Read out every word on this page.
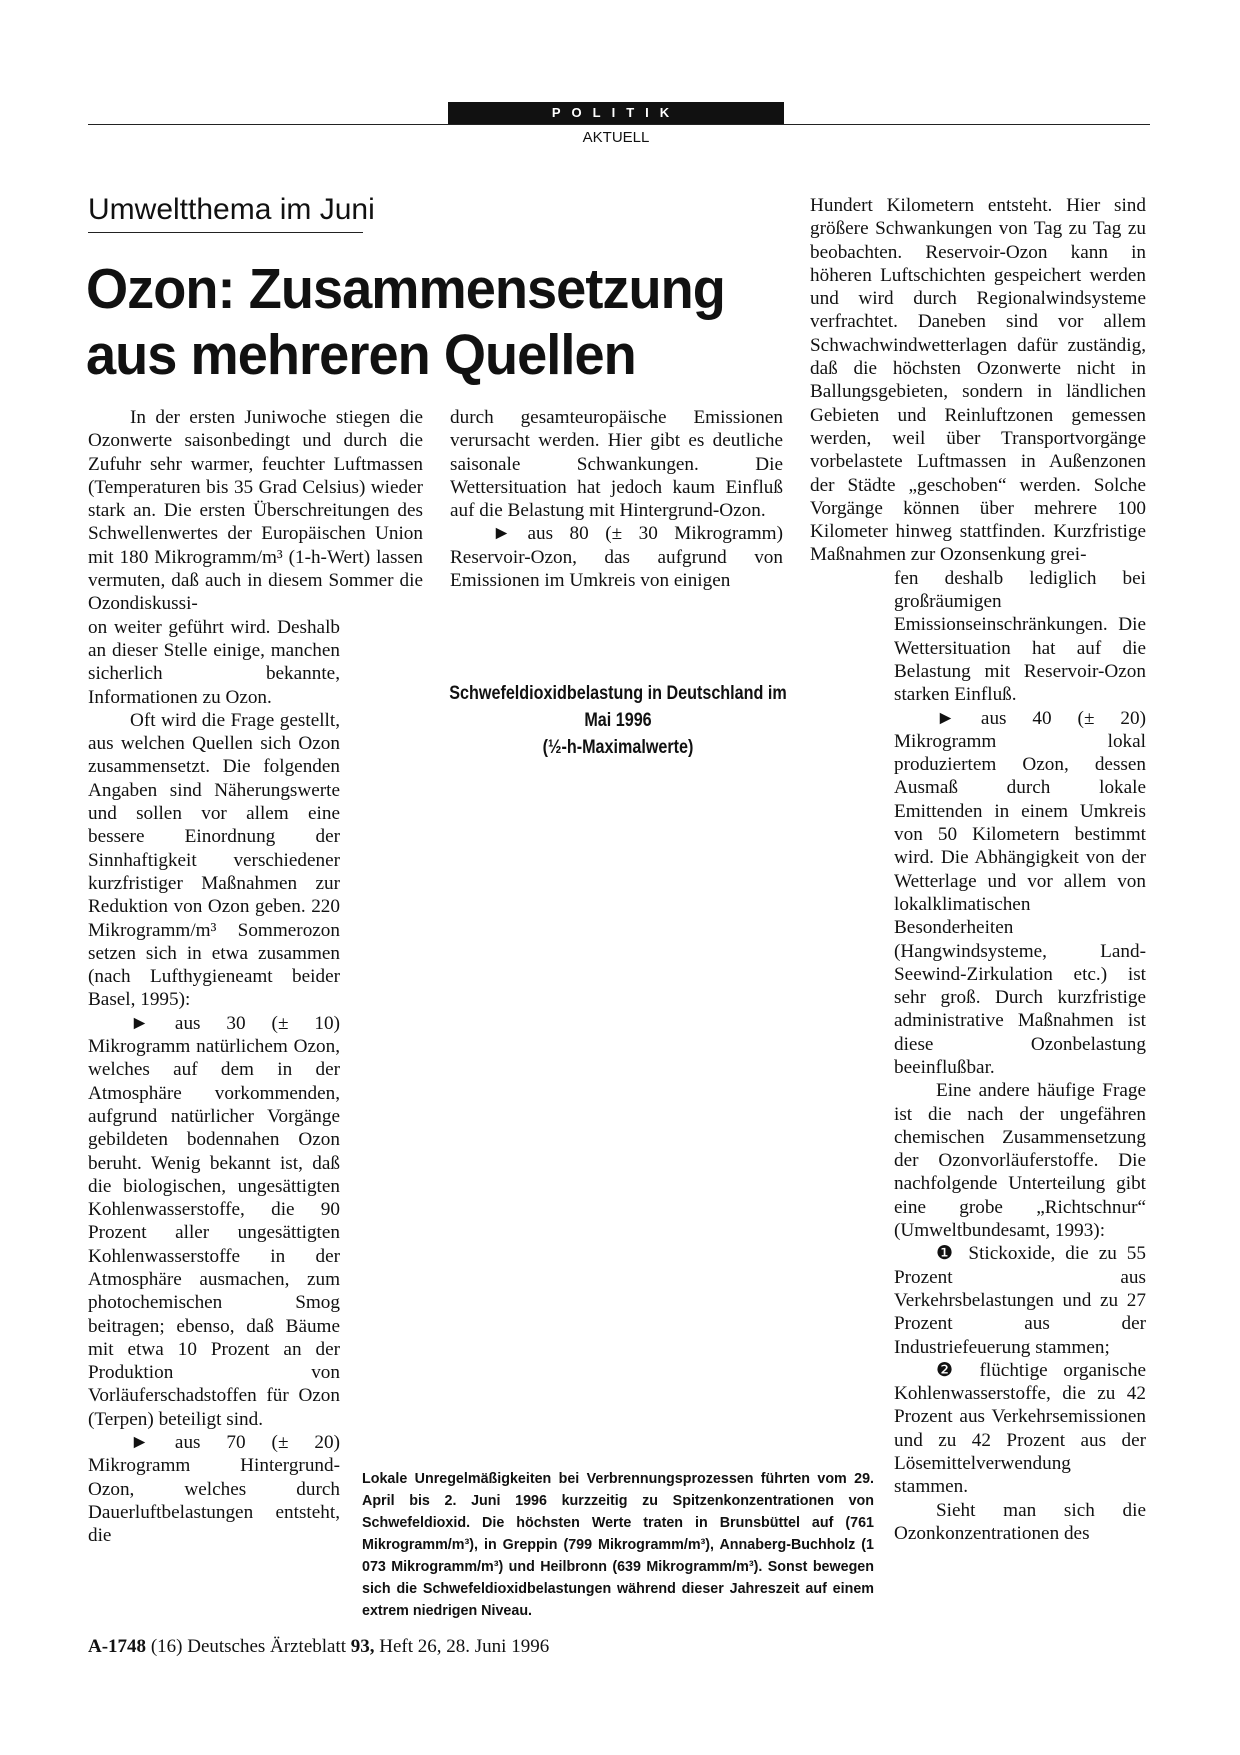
POLITIK
AKTUELL
Umweltthema im Juni
Ozon: Zusammensetzung aus mehreren Quellen

In der ersten Juniwoche stiegen die Ozonwerte saisonbedingt und durch die Zufuhr sehr warmer, feuchter Luftmassen (Temperaturen bis 35 Grad Celsius) wieder stark an. Die ersten Überschreitungen des Schwellenwertes der Europäischen Union mit 180 Mikrogramm/m³ (1-h-Wert) lassen vermuten, daß auch in diesem Sommer die Ozondiskussi-

on weiter geführt wird. Deshalb an dieser Stelle einige, manchen sicherlich bekannte, Informationen zu Ozon.

Oft wird die Frage gestellt, aus welchen Quellen sich Ozon zusammensetzt. Die folgenden Angaben sind Näherungswerte und sollen vor allem eine bessere Einordnung der Sinnhaftigkeit verschiedener kurzfristiger Maßnahmen zur Reduktion von Ozon geben. 220 Mikrogramm/m³ Sommerozon setzen sich in etwa zusammen (nach Lufthygieneamt beider Basel, 1995):

► aus 30 (± 10) Mikrogramm natürlichem Ozon, welches auf dem in der Atmosphäre vorkommenden, aufgrund natürlicher Vorgänge gebildeten bodennahen Ozon beruht. Wenig bekannt ist, daß die biologischen, ungesättigten Kohlenwasserstoffe, die 90 Prozent aller ungesättigten Kohlenwasserstoffe in der Atmosphäre ausmachen, zum photochemischen Smog beitragen; ebenso, daß Bäume mit etwa 10 Prozent an der Produktion von Vorläuferschadstoffen für Ozon (Terpen) beteiligt sind.

► aus 70 (± 20) Mikrogramm Hintergrund-Ozon, welches durch Dauerluftbelastungen entsteht, die

durch gesamteuropäische Emissionen verursacht werden. Hier gibt es deutliche saisonale Schwankungen. Die Wettersituation hat jedoch kaum Einfluß auf die Belastung mit Hintergrund-Ozon.

► aus 80 (± 30 Mikrogramm) Reservoir-Ozon, das aufgrund von Emissionen im Umkreis von einigen

Schwefeldioxidbelastung in Deutschland im Mai 1996
(½-h-Maximalwerte)
Lokale Unregelmäßigkeiten bei Verbrennungsprozessen führten vom 29. April bis 2. Juni 1996 kurzzeitig zu Spitzenkonzentrationen von Schwefeldioxid. Die höchsten Werte traten in Brunsbüttel auf (761 Mikrogramm/m³), in Greppin (799 Mikrogramm/m³), Annaberg-Buchholz (1 073 Mikrogramm/m³) und Heilbronn (639 Mikrogramm/m³). Sonst bewegen sich die Schwefeldioxidbelastungen während dieser Jahreszeit auf einem extrem niedrigen Niveau.

Hundert Kilometern entsteht. Hier sind größere Schwankungen von Tag zu Tag zu beobachten. Reservoir-Ozon kann in höheren Luftschichten gespeichert werden und wird durch Regionalwindsysteme verfrachtet. Daneben sind vor allem Schwachwindwetterlagen dafür zuständig, daß die höchsten Ozonwerte nicht in Ballungsgebieten, sondern in ländlichen Gebieten und Reinluftzonen gemessen werden, weil über Transportvorgänge vorbelastete Luftmassen in Außenzonen der Städte „geschoben“ werden. Solche Vorgänge können über mehrere 100 Kilometer hinweg stattfinden. Kurzfristige Maßnahmen zur Ozonsenkung grei-

fen deshalb lediglich bei großräumigen Emissionseinschränkungen. Die Wettersituation hat auf die Belastung mit Reservoir-Ozon starken Einfluß.

► aus 40 (± 20) Mikrogramm lokal produziertem Ozon, dessen Ausmaß durch lokale Emittenden in einem Umkreis von 50 Kilometern bestimmt wird. Die Abhängigkeit von der Wetterlage und vor allem von lokalklimatischen Besonderheiten (Hangwindsysteme, Land-Seewind-Zirkulation etc.) ist sehr groß. Durch kurzfristige administrative Maßnahmen ist diese Ozonbelastung beeinflußbar.

Eine andere häufige Frage ist die nach der ungefähren chemischen Zusammensetzung der Ozonvorläuferstoffe. Die nachfolgende Unterteilung gibt eine grobe „Richtschnur“ (Umweltbundesamt, 1993):

❶ Stickoxide, die zu 55 Prozent aus Verkehrsbelastungen und zu 27 Prozent aus der Industriefeuerung stammen;

❷ flüchtige organische Kohlenwasserstoffe, die zu 42 Prozent aus Verkehrsemissionen und zu 42 Prozent aus der Lösemittelverwendung stammen.

Sieht man sich die Ozonkonzentrationen des

A-1748 (16) Deutsches Ärzteblatt 93, Heft 26, 28. Juni 1996
